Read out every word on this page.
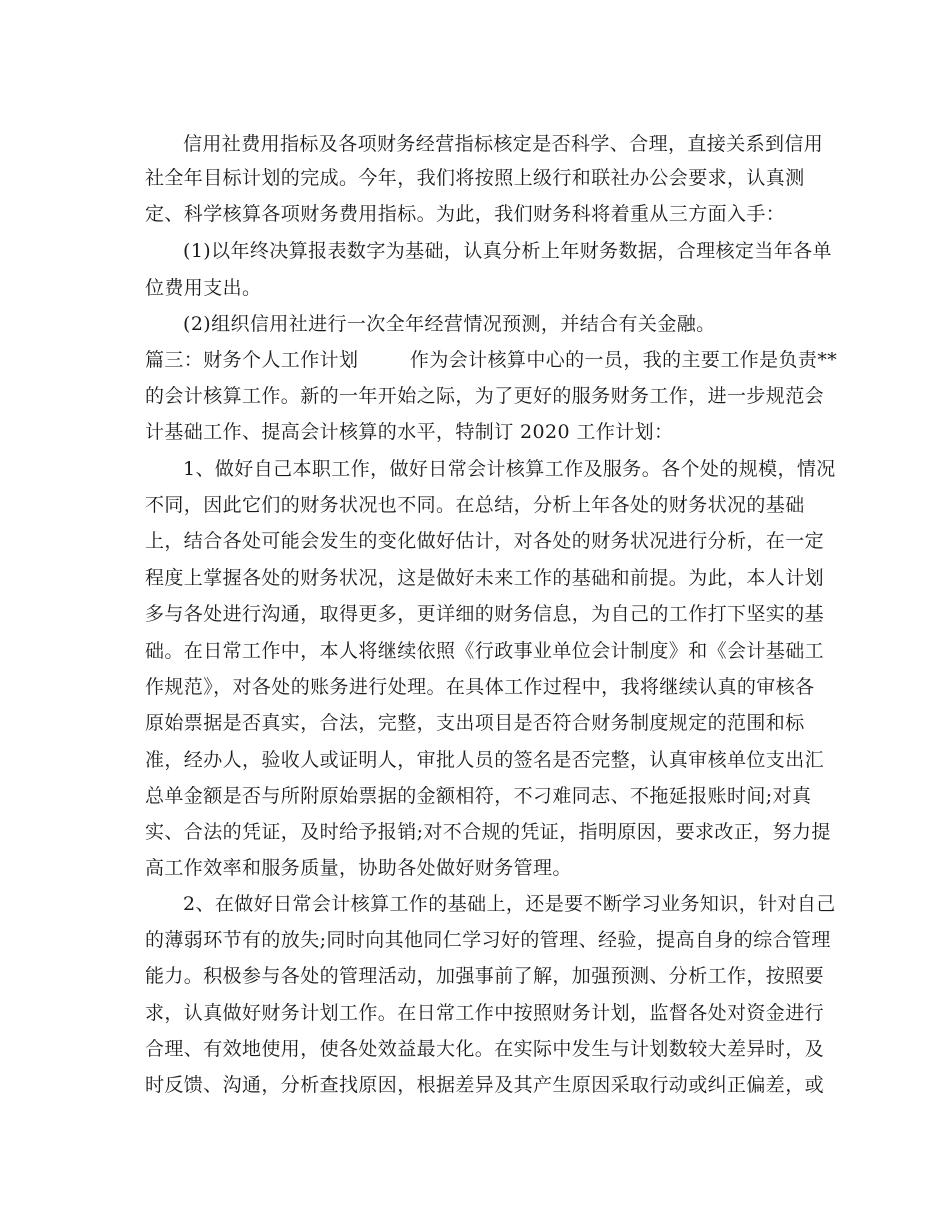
信用社费用指标及各项财务经营指标核定是否科学、合理，直接关系到信用
社全年目标计划的完成。今年，我们将按照上级行和联社办公会要求，认真测
定、科学核算各项财务费用指标。为此，我们财务科将着重从三方面入手：
(1)以年终决算报表数字为基础，认真分析上年财务数据，合理核定当年各单
位费用支出。
(2)组织信用社进行一次全年经营情况预测，并结合有关金融。
篇三：财务个人工作计划        作为会计核算中心的一员，我的主要工作是负责**
的会计核算工作。新的一年开始之际，为了更好的服务财务工作，进一步规范会
计基础工作、提高会计核算的水平，特制订 2020 工作计划：
1、做好自己本职工作，做好日常会计核算工作及服务。各个处的规模，情况
不同，因此它们的财务状况也不同。在总结，分析上年各处的财务状况的基础
上，结合各处可能会发生的变化做好估计，对各处的财务状况进行分析，在一定
程度上掌握各处的财务状况，这是做好未来工作的基础和前提。为此，本人计划
多与各处进行沟通，取得更多，更详细的财务信息，为自己的工作打下坚实的基
础。在日常工作中，本人将继续依照《行政事业单位会计制度》和《会计基础工
作规范》，对各处的账务进行处理。在具体工作过程中，我将继续认真的审核各
原始票据是否真实，合法，完整，支出项目是否符合财务制度规定的范围和标
准，经办人，验收人或证明人，审批人员的签名是否完整，认真审核单位支出汇
总单金额是否与所附原始票据的金额相符，不刁难同志、不拖延报账时间;对真
实、合法的凭证，及时给予报销;对不合规的凭证，指明原因，要求改正，努力提
高工作效率和服务质量，协助各处做好财务管理。
2、在做好日常会计核算工作的基础上，还是要不断学习业务知识，针对自己
的薄弱环节有的放失;同时向其他同仁学习好的管理、经验，提高自身的综合管理
能力。积极参与各处的管理活动，加强事前了解，加强预测、分析工作，按照要
求，认真做好财务计划工作。在日常工作中按照财务计划，监督各处对资金进行
合理、有效地使用，使各处效益最大化。在实际中发生与计划数较大差异时，及
时反馈、沟通，分析查找原因，根据差异及其产生原因采取行动或纠正偏差，或
